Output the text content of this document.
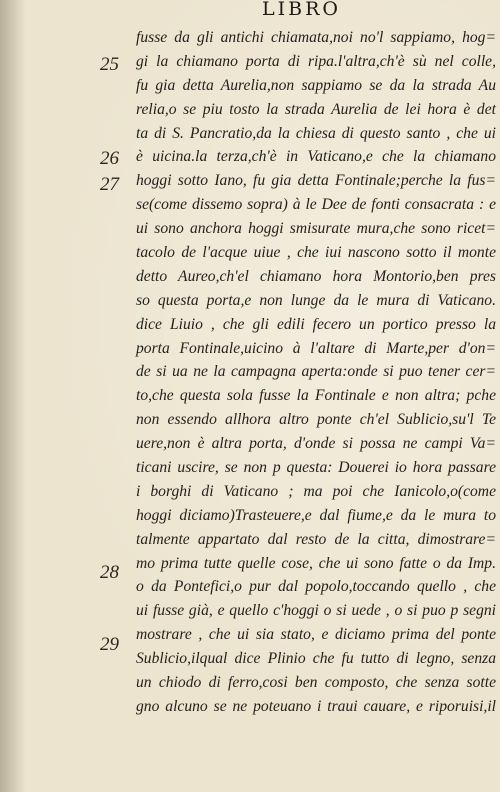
LIBRO
25
26
27
28
29
fusse da gli antichi chiamata,noi no'l sappiamo, hog=
gi la chiamano porta di ripa.l'altra,ch'è sù nel colle,
fu gia detta Aurelia,non sappiamo se da la strada Au
relia,o se piu tosto la strada Aurelia de lei hora è det
ta di S. Pancratio,da la chiesa di questo santo , che ui
è uicina.la terza,ch'è in Vaticano,e che la chiamano
hoggi sotto Iano, fu gia detta Fontinale;perche la fus=
se(come dissemo sopra) à le Dee de fonti consacrata : e
ui sono anchora hoggi smisurate mura,che sono ricet=
tacolo de l'acque uiue , che iui nascono sotto il monte
detto Aureo,ch'el chiamano hora Montorio,ben pres
so questa porta,e non lunge da le mura di Vaticano.
dice Liuio , che gli edili fecero un portico presso la
porta Fontinale,uicino à l'altare di Marte,per d'on=
de si ua ne la campagna aperta:onde si puo tener cer=
to,che questa sola fusse la Fontinale e non altra; pche
non essendo allhora altro ponte ch'el Sublicio,su'l Te
uere,non è altra porta, d'onde si possa ne campi Va=
ticani uscire, se non p questa: Douerei io hora passare
i borghi di Vaticano ; ma poi che Ianicolo,o(come
hoggi diciamo)Trasteuere,e dal fiume,e da le mura to
talmente appartato dal resto de la citta, dimostrare=
mo prima tutte quelle cose, che ui sono fatte o da Imp.
o da Pontefici,o pur dal popolo,toccando quello , che
ui fusse già, e quello c'hoggi o si uede , o si puo p segni
mostrare , che ui sia stato, e diciamo prima del ponte
Sublicio,ilqual dice Plinio che fu tutto di legno, senza
un chiodo di ferro,cosi ben composto, che senza sotte
gno alcuno se ne poteuano i traui cauare, e riporuisi,il
